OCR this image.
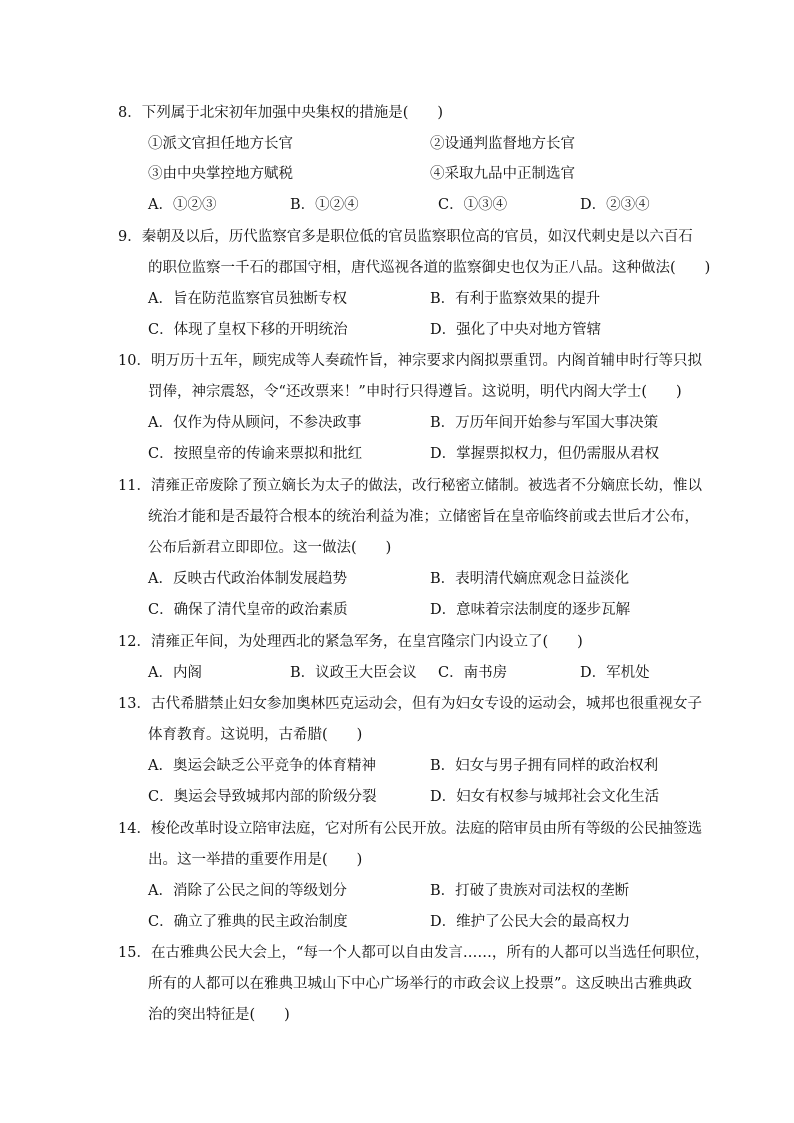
8．下列属于北宋初年加强中央集权的措施是(　　)
①派文官担任地方长官	②设通判监督地方长官
③由中央掌控地方赋税	④采取九品中正制选官
A．①②③	B．①②④	C．①③④	D．②③④
9．秦朝及以后，历代监察官多是职位低的官员监察职位高的官员，如汉代刺史是以六百石
的职位监察一千石的郡国守相，唐代巡视各道的监察御史也仅为正八品。这种做法(　　)
A．旨在防范监察官员独断专权	B．有利于监察效果的提升
C．体现了皇权下移的开明统治	D．强化了中央对地方管辖
10．明万历十五年，顾宪成等人奏疏忤旨，神宗要求内阁拟票重罚。内阁首辅申时行等只拟
罚俸，神宗震怒，令“还改票来！”申时行只得遵旨。这说明，明代内阁大学士(　　)
A．仅作为侍从顾问，不参决政事	B．万历年间开始参与军国大事决策
C．按照皇帝的传谕来票拟和批红	D．掌握票拟权力，但仍需服从君权
11．清雍正帝废除了预立嫡长为太子的做法，改行秘密立储制。被选者不分嫡庶长幼，惟以
统治才能和是否最符合根本的统治利益为准；立储密旨在皇帝临终前或去世后才公布，
公布后新君立即即位。这一做法(　　)
A．反映古代政治体制发展趋势	B．表明清代嫡庶观念日益淡化
C．确保了清代皇帝的政治素质	D．意味着宗法制度的逐步瓦解
12．清雍正年间，为处理西北的紧急军务，在皇宫隆宗门内设立了(　　)
A．内阁	B．议政王大臣会议 C．南书房	D．军机处
13．古代希腊禁止妇女参加奥林匹克运动会，但有为妇女专设的运动会，城邦也很重视女子
体育教育。这说明，古希腊(　　)
A．奥运会缺乏公平竞争的体育精神	B．妇女与男子拥有同样的政治权利
C．奥运会导致城邦内部的阶级分裂	D．妇女有权参与城邦社会文化生活
14．梭伦改革时设立陪审法庭，它对所有公民开放。法庭的陪审员由所有等级的公民抽签选
出。这一举措的重要作用是(　　)
A．消除了公民之间的等级划分	B．打破了贵族对司法权的垄断
C．确立了雅典的民主政治制度	D．维护了公民大会的最高权力
15．在古雅典公民大会上，“每一个人都可以自由发言……，所有的人都可以当选任何职位，
所有的人都可以在雅典卫城山下中心广场举行的市政会议上投票”。这反映出古雅典政
治的突出特征是(　　)
